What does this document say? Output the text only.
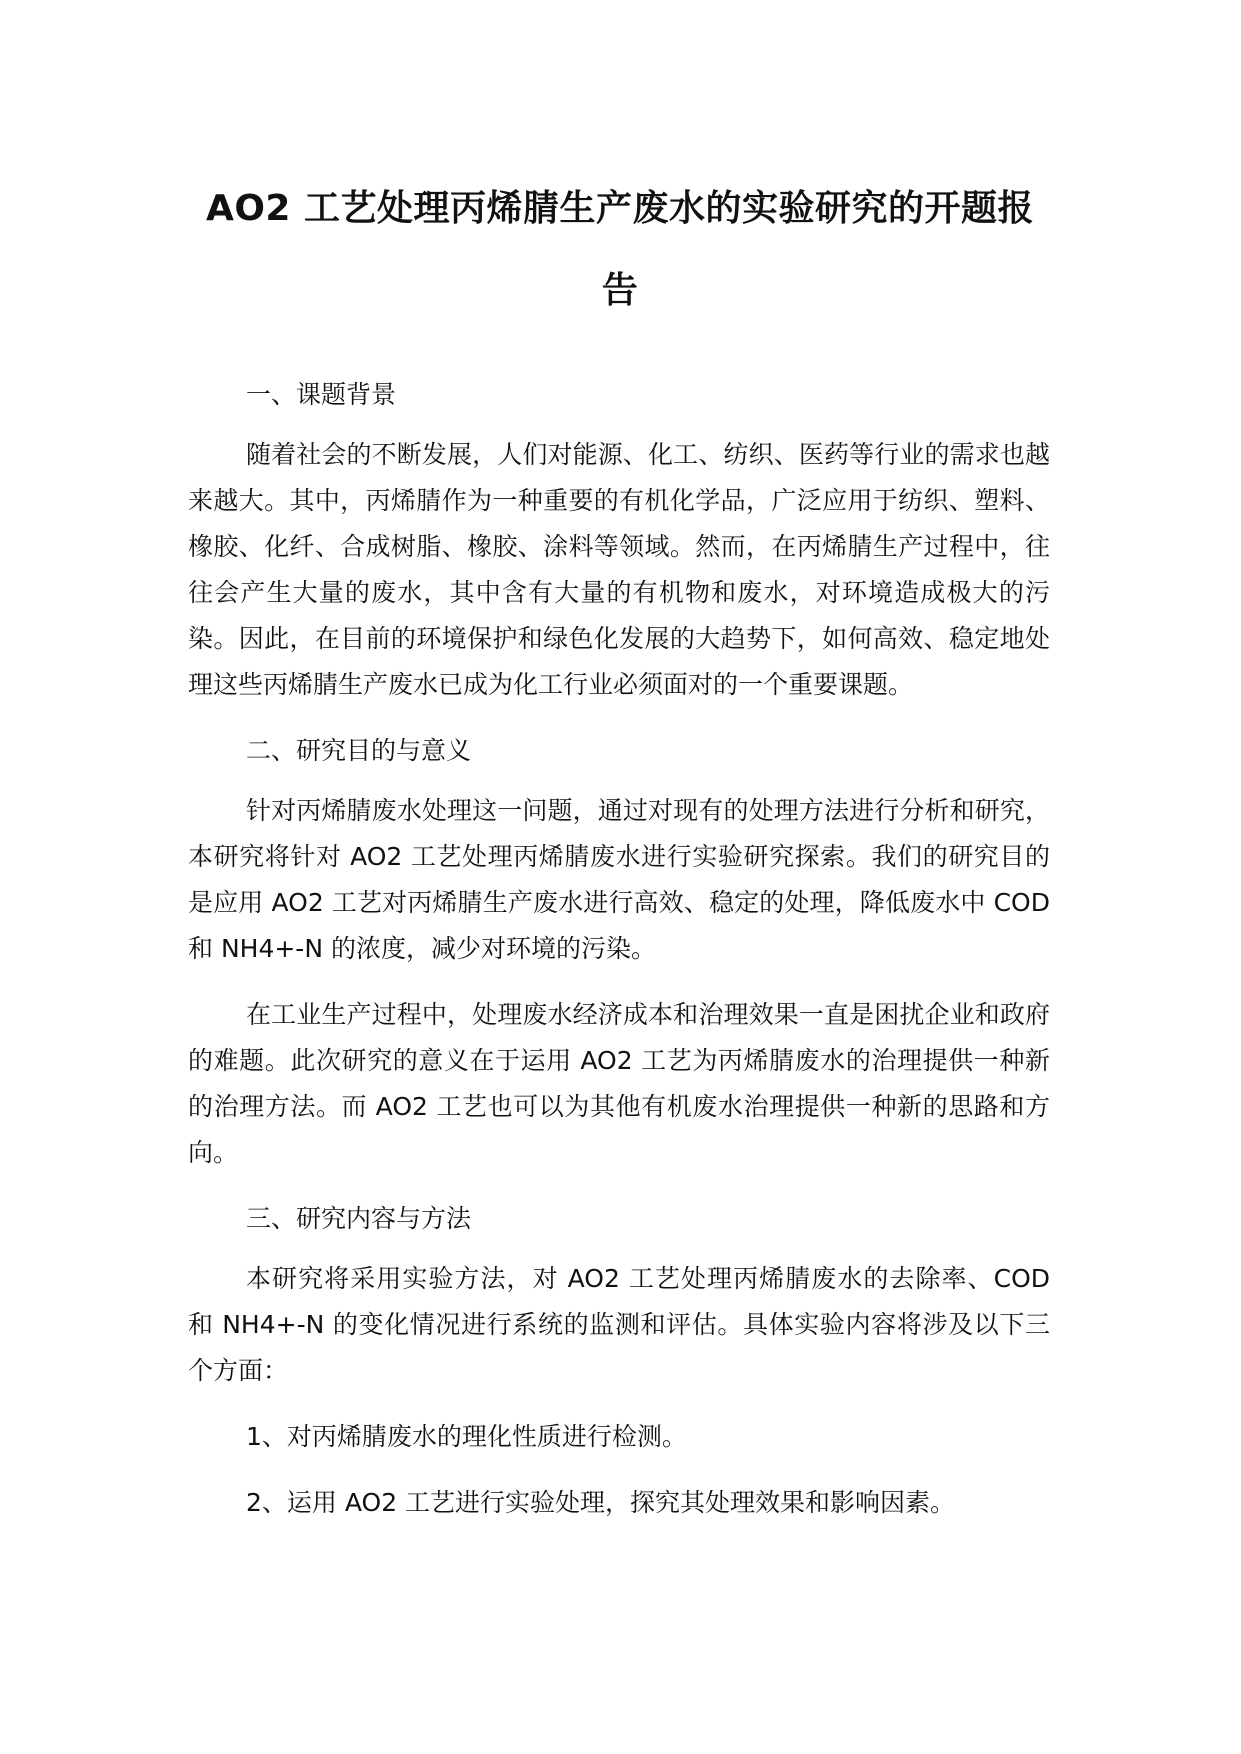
AO2 工艺处理丙烯腈生产废水的实验研究的开题报告
一、课题背景

随着社会的不断发展，人们对能源、化工、纺织、医药等行业的需求也越来越大。其中，丙烯腈作为一种重要的有机化学品，广泛应用于纺织、塑料、橡胶、化纤、合成树脂、橡胶、涂料等领域。然而，在丙烯腈生产过程中，往往会产生大量的废水，其中含有大量的有机物和废水，对环境造成极大的污染。因此，在目前的环境保护和绿色化发展的大趋势下，如何高效、稳定地处理这些丙烯腈生产废水已成为化工行业必须面对的一个重要课题。

二、研究目的与意义

针对丙烯腈废水处理这一问题，通过对现有的处理方法进行分析和研究，本研究将针对 AO2 工艺处理丙烯腈废水进行实验研究探索。我们的研究目的是应用 AO2 工艺对丙烯腈生产废水进行高效、稳定的处理，降低废水中 COD 和 NH4+-N 的浓度，减少对环境的污染。

在工业生产过程中，处理废水经济成本和治理效果一直是困扰企业和政府的难题。此次研究的意义在于运用 AO2 工艺为丙烯腈废水的治理提供一种新的治理方法。而 AO2 工艺也可以为其他有机废水治理提供一种新的思路和方向。

三、研究内容与方法

本研究将采用实验方法，对 AO2 工艺处理丙烯腈废水的去除率、COD 和 NH4+-N 的变化情况进行系统的监测和评估。具体实验内容将涉及以下三个方面：

1、对丙烯腈废水的理化性质进行检测。
2、运用 AO2 工艺进行实验处理，探究其处理效果和影响因素。
